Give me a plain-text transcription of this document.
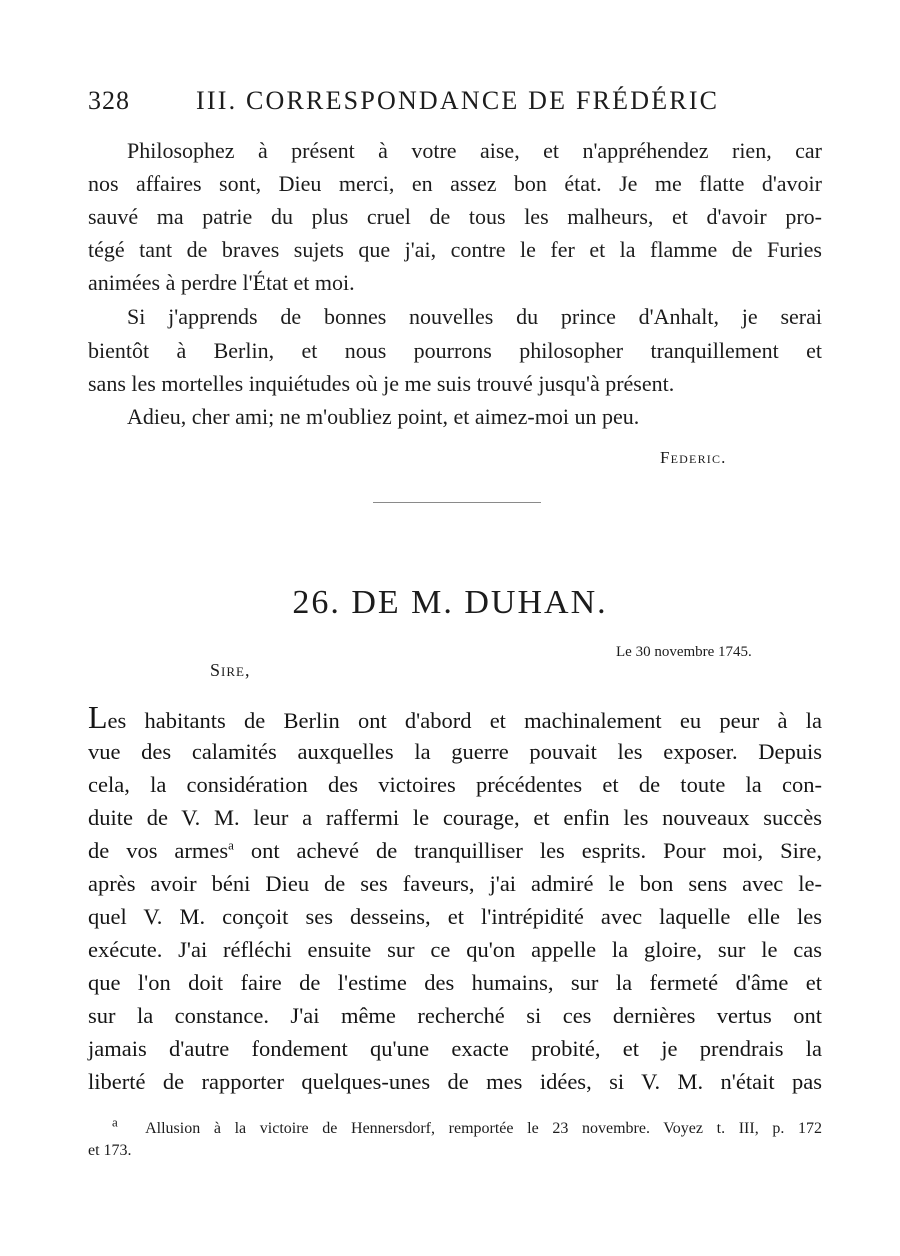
328	III. CORRESPONDANCE DE FRÉDÉRIC
Philosophez à présent à votre aise, et n'appréhendez rien, car
nos affaires sont, Dieu merci, en assez bon état. Je me flatte d'avoir
sauvé ma patrie du plus cruel de tous les malheurs, et d'avoir pro-
tégé tant de braves sujets que j'ai, contre le fer et la flamme de Furies
animées à perdre l'État et moi.
Si j'apprends de bonnes nouvelles du prince d'Anhalt, je serai
bientôt à Berlin, et nous pourrons philosopher tranquillement et
sans les mortelles inquiétudes où je me suis trouvé jusqu'à présent.
Adieu, cher ami; ne m'oubliez point, et aimez-moi un peu.
Federic.
26. DE M. DUHAN.
Le 30 novembre 1745.
Sire,
Les habitants de Berlin ont d'abord et machinalement eu peur à la
vue des calamités auxquelles la guerre pouvait les exposer. Depuis
cela, la considération des victoires précédentes et de toute la con-
duite de V. M. leur a raffermi le courage, et enfin les nouveaux succès
de vos armes$^a$ ont achevé de tranquilliser les esprits. Pour moi, Sire,
après avoir béni Dieu de ses faveurs, j'ai admiré le bon sens avec le-
quel V. M. conçoit ses desseins, et l'intrépidité avec laquelle elle les
exécute. J'ai réfléchi ensuite sur ce qu'on appelle la gloire, sur le cas
que l'on doit faire de l'estime des humains, sur la fermeté d'âme et
sur la constance. J'ai même recherché si ces dernières vertus ont
jamais d'autre fondement qu'une exacte probité, et je prendrais la
liberté de rapporter quelques-unes de mes idées, si V. M. n'était pas
$^a$ Allusion à la victoire de Hennersdorf, remportée le 23 novembre. Voyez t. III, p. 172
et 173.
